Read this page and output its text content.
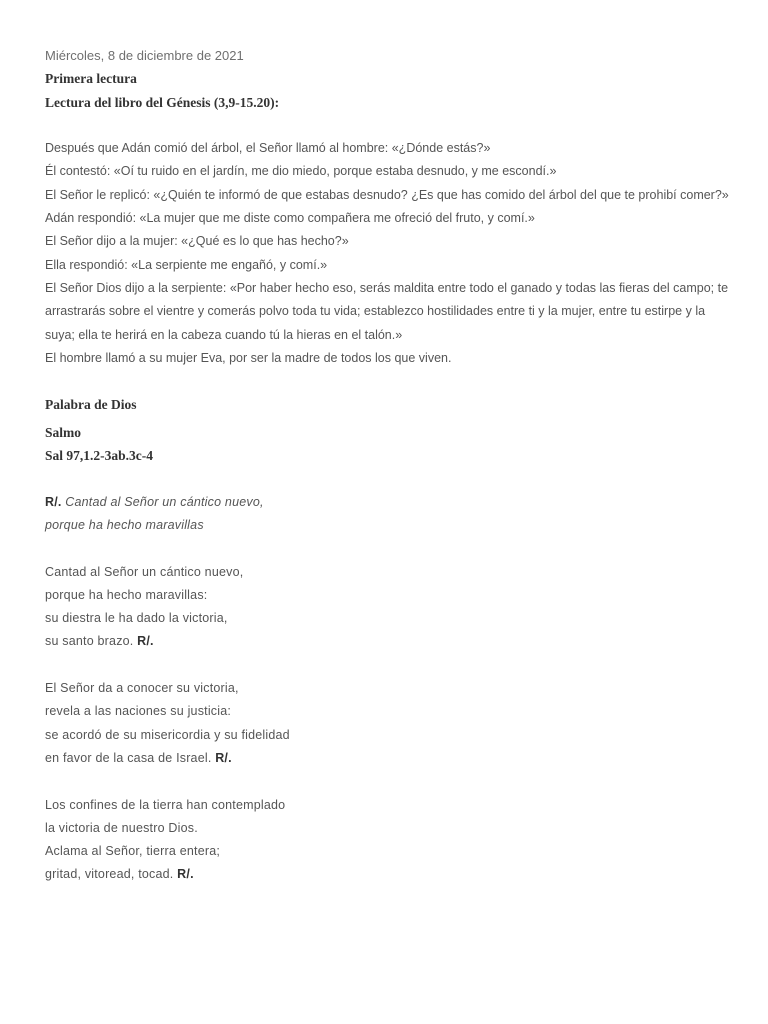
Miércoles, 8 de diciembre de 2021

Primera lectura

Lectura del libro del Génesis (3,9-15.20):

Después que Adán comió del árbol, el Señor llamó al hombre: «¿Dónde estás?»

Él contestó: «Oí tu ruido en el jardín, me dio miedo, porque estaba desnudo, y me escondí.»

El Señor le replicó: «¿Quién te informó de que estabas desnudo? ¿Es que has comido del árbol del que te prohibí comer?»

Adán respondió: «La mujer que me diste como compañera me ofreció del fruto, y comí.»

El Señor dijo a la mujer: «¿Qué es lo que has hecho?»

Ella respondió: «La serpiente me engañó, y comí.»

El Señor Dios dijo a la serpiente: «Por haber hecho eso, serás maldita entre todo el ganado y todas las fieras del campo; te arrastrarás sobre el vientre y comerás polvo toda tu vida; establezco hostilidades entre ti y la mujer, entre tu estirpe y la suya; ella te herirá en la cabeza cuando tú la hieras en el talón.»

El hombre llamó a su mujer Eva, por ser la madre de todos los que viven.

Palabra de Dios

Salmo

Sal 97,1.2-3ab.3c-4

R/. Cantad al Señor un cántico nuevo,

porque ha hecho maravillas

Cantad al Señor un cántico nuevo,

porque ha hecho maravillas:

su diestra le ha dado la victoria,

su santo brazo. R/.

El Señor da a conocer su victoria,

revela a las naciones su justicia:

se acordó de su misericordia y su fidelidad

en favor de la casa de Israel. R/.

Los confines de la tierra han contemplado

la victoria de nuestro Dios.

Aclama al Señor, tierra entera;

gritad, vitoread, tocad. R/.
